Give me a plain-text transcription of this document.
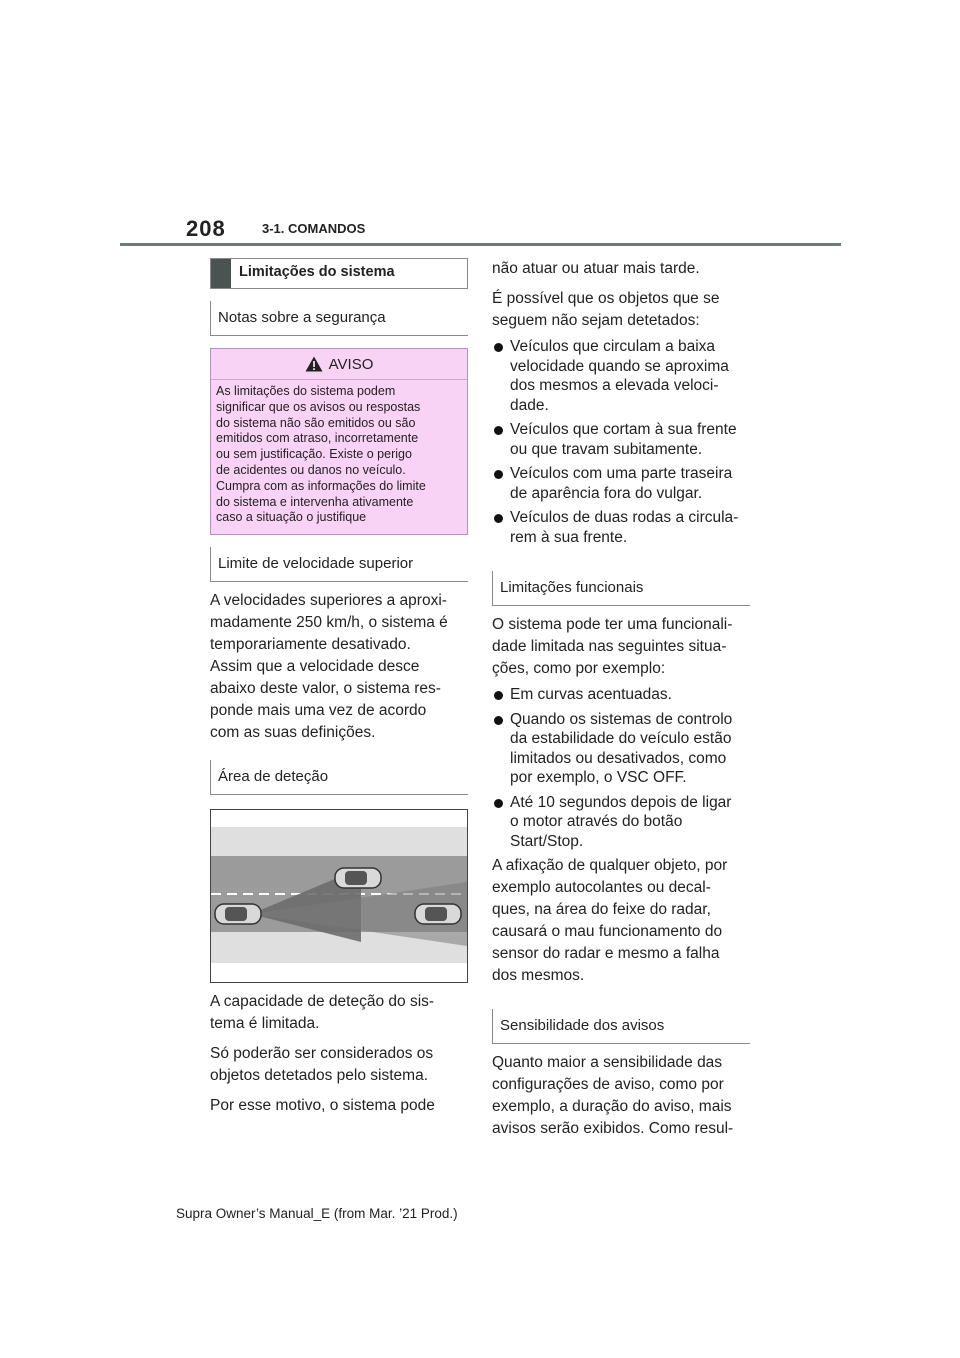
208	3-1. COMANDOS
Limitações do sistema
Notas sobre a segurança
AVISO
As limitações do sistema podem
significar que os avisos ou respostas
do sistema não são emitidos ou são
emitidos com atraso, incorretamente
ou sem justificação. Existe o perigo
de acidentes ou danos no veículo.
Cumpra com as informações do limite
do sistema e intervenha ativamente
caso a situação o justifique
Limite de velocidade superior

A velocidades superiores a aproxi-

madamente 250 km/h, o sistema é

temporariamente desativado.

Assim que a velocidade desce

abaixo deste valor, o sistema res-

ponde mais uma vez de acordo

com as suas definições.

Área de deteção

A capacidade de deteção do sis-

tema é limitada.

Só poderão ser considerados os

objetos detetados pelo sistema.

Por esse motivo, o sistema pode

não atuar ou atuar mais tarde.

É possível que os objetos que se

seguem não sejam detetados:

Veículos que circulam a baixa
velocidade quando se aproxima
dos mesmos a elevada veloci-
dade.
Veículos que cortam à sua frente
ou que travam subitamente.
Veículos com uma parte traseira
de aparência fora do vulgar.
Veículos de duas rodas a circula-
rem à sua frente.
Limitações funcionais

O sistema pode ter uma funcionali-

dade limitada nas seguintes situa-

ções, como por exemplo:

Em curvas acentuadas.
Quando os sistemas de controlo
da estabilidade do veículo estão
limitados ou desativados, como
por exemplo, o VSC OFF.
Até 10 segundos depois de ligar
o motor através do botão
Start/Stop.

A afixação de qualquer objeto, por

exemplo autocolantes ou decal-

ques, na área do feixe do radar,

causará o mau funcionamento do

sensor do radar e mesmo a falha

dos mesmos.

Sensibilidade dos avisos

Quanto maior a sensibilidade das

configurações de aviso, como por

exemplo, a duração do aviso, mais

avisos serão exibidos. Como resul-

Supra Owner’s Manual_E (from Mar. ’21 Prod.)
